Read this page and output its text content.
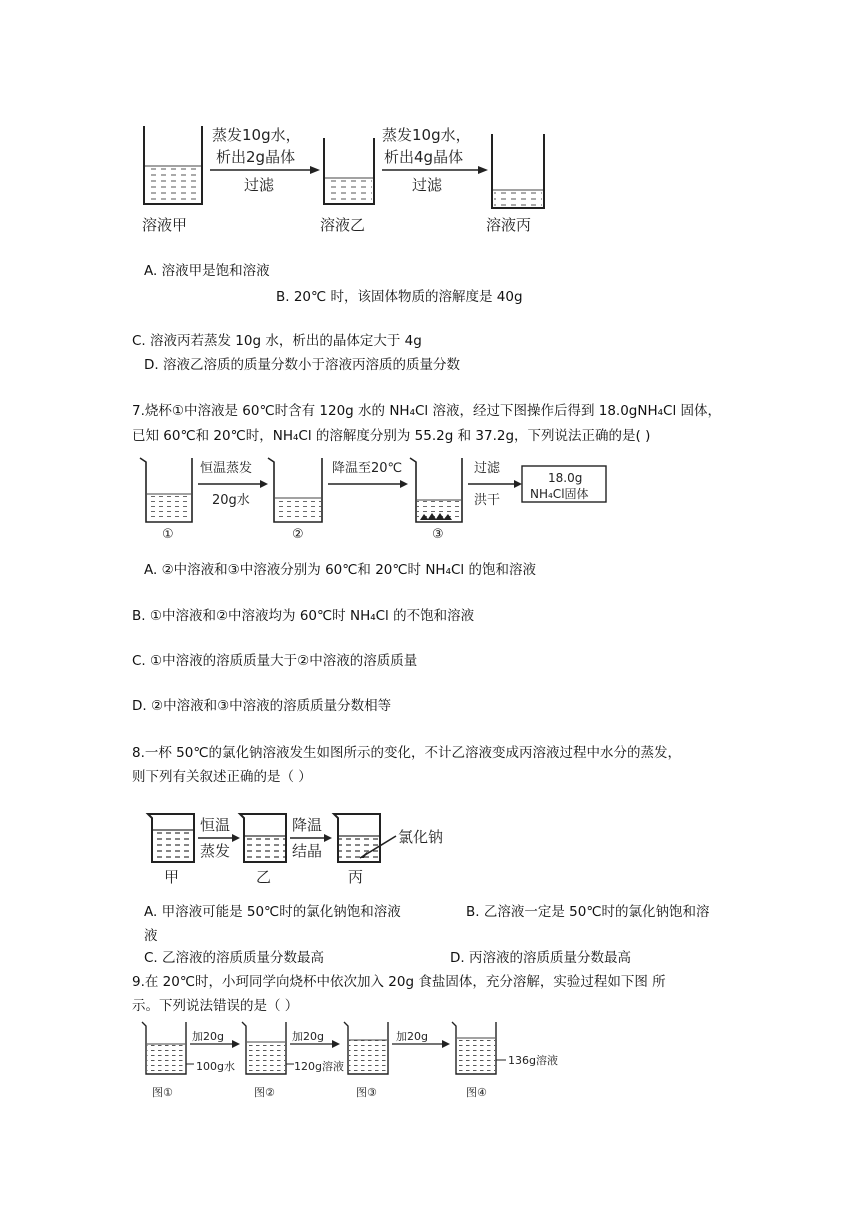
蒸发10g水，
析出2g晶体
过滤
蒸发10g水，
析出4g晶体
过滤
溶液甲	溶液乙	溶液丙
A. 溶液甲是饱和溶液
B. 20℃ 时，该固体物质的溶解度是 40g
C. 溶液丙若蒸发 10g 水，析出的晶体定大于 4g
D. 溶液乙溶质的质量分数小于溶液丙溶质的质量分数
7.烧杯①中溶液是 60℃时含有 120g 水的 NH₄Cl 溶液，经过下图操作后得到 18.0gNH₄Cl 固体，
已知 60℃和 20℃时，NH₄Cl 的溶解度分别为 55.2g 和 37.2g，下列说法正确的是( )
恒温蒸发
20g水
降温至20℃	过滤
洪干
18.0g
NH₄Cl固体
①	②	③
A. ②中溶液和③中溶液分别为 60℃和 20℃时 NH₄Cl 的饱和溶液
B. ①中溶液和②中溶液均为 60℃时 NH₄Cl 的不饱和溶液
C. ①中溶液的溶质质量大于②中溶液的溶质质量
D. ②中溶液和③中溶液的溶质质量分数相等
8.一杯 50℃的氯化钠溶液发生如图所示的变化，不计乙溶液变成丙溶液过程中水分的蒸发，
则下列有关叙述正确的是（ ）
恒温
蒸发
降温
结晶
氯化钠
甲	乙	丙
A. 甲溶液可能是 50℃时的氯化钠饱和溶液	B. 乙溶液一定是 50℃时的氯化钠饱和溶
液
C. 乙溶液的溶质质量分数最高	D. 丙溶液的溶质质量分数最高
9.在 20℃时，小珂同学向烧杯中依次加入 20g 食盐固体，充分溶解，实验过程如下图 所
示。下列说法错误的是（ ）
加20g
100g水
加20g
120g溶液
加20g
136g溶液
图①	图②	图③	图④
